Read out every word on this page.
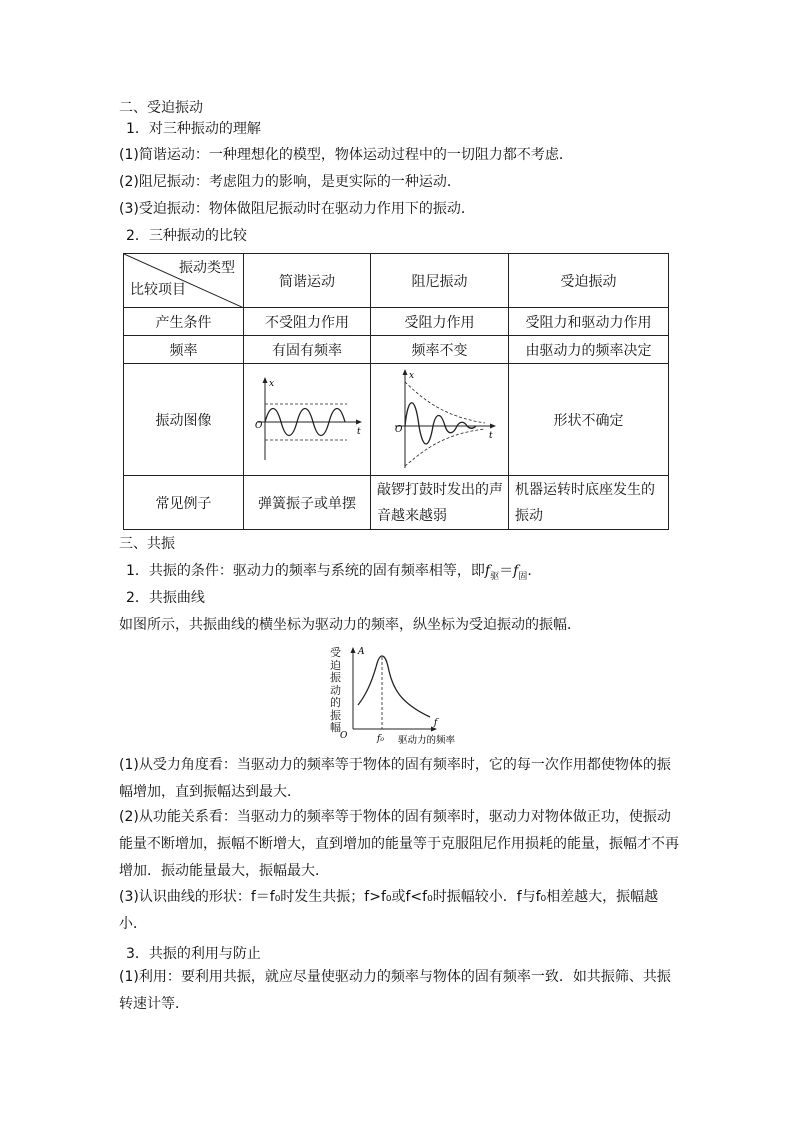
二、受迫振动
1．对三种振动的理解
(1)简谐运动：一种理想化的模型，物体运动过程中的一切阻力都不考虑．
(2)阻尼振动：考虑阻力的影响，是更实际的一种运动．
(3)受迫振动：物体做阻尼振动时在驱动力作用下的振动．
2．三种振动的比较
振动类型
比较项目	简谐运动	阻尼振动	受迫振动
产生条件	不受阻力作用	受阻力作用	受阻力和驱动力作用
频率	有固有频率	频率不变	由驱动力的频率决定
振动图像	x
O
t	x
O
t	形状不确定
常见例子	弹簧振子或单摆	敲锣打鼓时发出的声音越来越弱	机器运转时底座发生的振动
三、共振
1．共振的条件：驱动力的频率与系统的固有频率相等，即$f_驱=f_固$.
2．共振曲线
如图所示，共振曲线的横坐标为驱动力的频率，纵坐标为受迫振动的振幅．
受迫振动的振幅
A
O
f
f₀ 驱动力的频率
(1)从受力角度看：当驱动力的频率等于物体的固有频率时，它的每一次作用都使物体的振幅增加，直到振幅达到最大．
(2)从功能关系看：当驱动力的频率等于物体的固有频率时，驱动力对物体做正功，使振动能量不断增加，振幅不断增大，直到增加的能量等于克服阻尼作用损耗的能量，振幅才不再增加．振动能量最大，振幅最大．
(3)认识曲线的形状：f＝f₀时发生共振；f>f₀或f<f₀时振幅较小．f与f₀相差越大，振幅越小．
3．共振的利用与防止
(1)利用：要利用共振，就应尽量使驱动力的频率与物体的固有频率一致．如共振筛、共振转速计等．
